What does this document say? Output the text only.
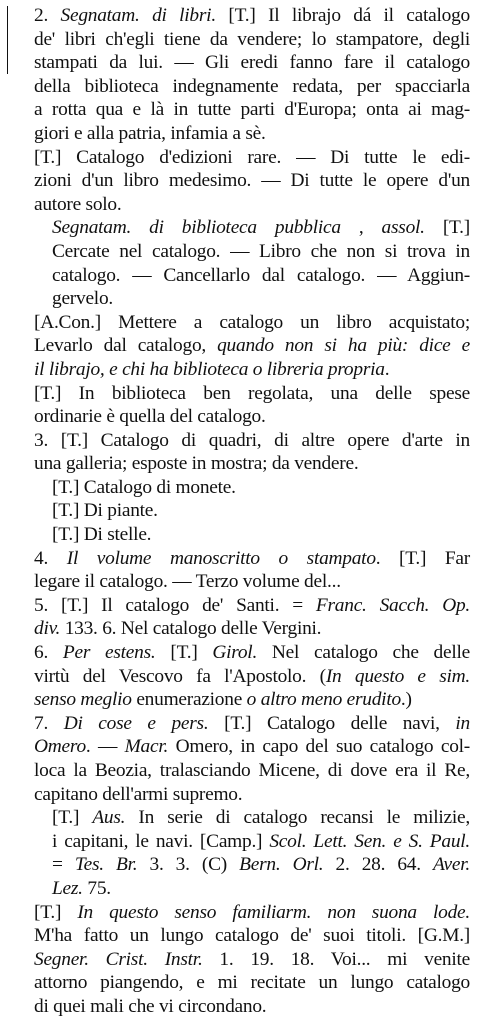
2. Segnatam. di libri. [T.] Il librajo dá il catalogo
de' libri ch'egli tiene da vendere; lo stampatore, degli
stampati da lui. — Gli eredi fanno fare il catalogo
della biblioteca indegnamente redata, per spacciarla
a rotta qua e là in tutte parti d'Europa; onta ai mag-
giori e alla patria, infamia a sè.

[T.] Catalogo d'edizioni rare. — Di tutte le edi-
zioni d'un libro medesimo. — Di tutte le opere d'un
autore solo.

Segnatam. di biblioteca pubblica , assol. [T.]
Cercate nel catalogo. — Libro che non si trova in
catalogo. — Cancellarlo dal catalogo. — Aggiun-
gervelo.

[A.Con.] Mettere a catalogo un libro acquistato;
Levarlo dal catalogo, quando non si ha più: dice e
il librajo, e chi ha biblioteca o libreria propria.

[T.] In biblioteca ben regolata, una delle spese
ordinarie è quella del catalogo.

3. [T.] Catalogo di quadri, di altre opere d'arte in
una galleria; esposte in mostra; da vendere.

[T.] Catalogo di monete.

[T.] Di piante.

[T.] Di stelle.

4. Il volume manoscritto o stampato. [T.] Far
legare il catalogo. — Terzo volume del...

5. [T.] Il catalogo de' Santi. = Franc. Sacch. Op.
div. 133. 6. Nel catalogo delle Vergini.

6. Per estens. [T.] Girol. Nel catalogo che delle
virtù del Vescovo fa l'Apostolo. (In questo e sim.
senso meglio enumerazione o altro meno erudito.)

7. Di cose e pers. [T.] Catalogo delle navi, in
Omero. — Macr. Omero, in capo del suo catalogo col-
loca la Beozia, tralasciando Micene, di dove era il Re,
capitano dell'armi supremo.

[T.] Aus. In serie di catalogo recansi le milizie,
i capitani, le navi. [Camp.] Scol. Lett. Sen. e S. Paul.
= Tes. Br. 3. 3. (C) Bern. Orl. 2. 28. 64. Aver.
Lez. 75.

[T.] In questo senso familiarm. non suona lode.
M'ha fatto un lungo catalogo de' suoi titoli. [G.M.]
Segner. Crist. Instr. 1. 19. 18. Voi... mi venite
attorno piangendo, e mi recitate un lungo catalogo
di quei mali che vi circondano.
